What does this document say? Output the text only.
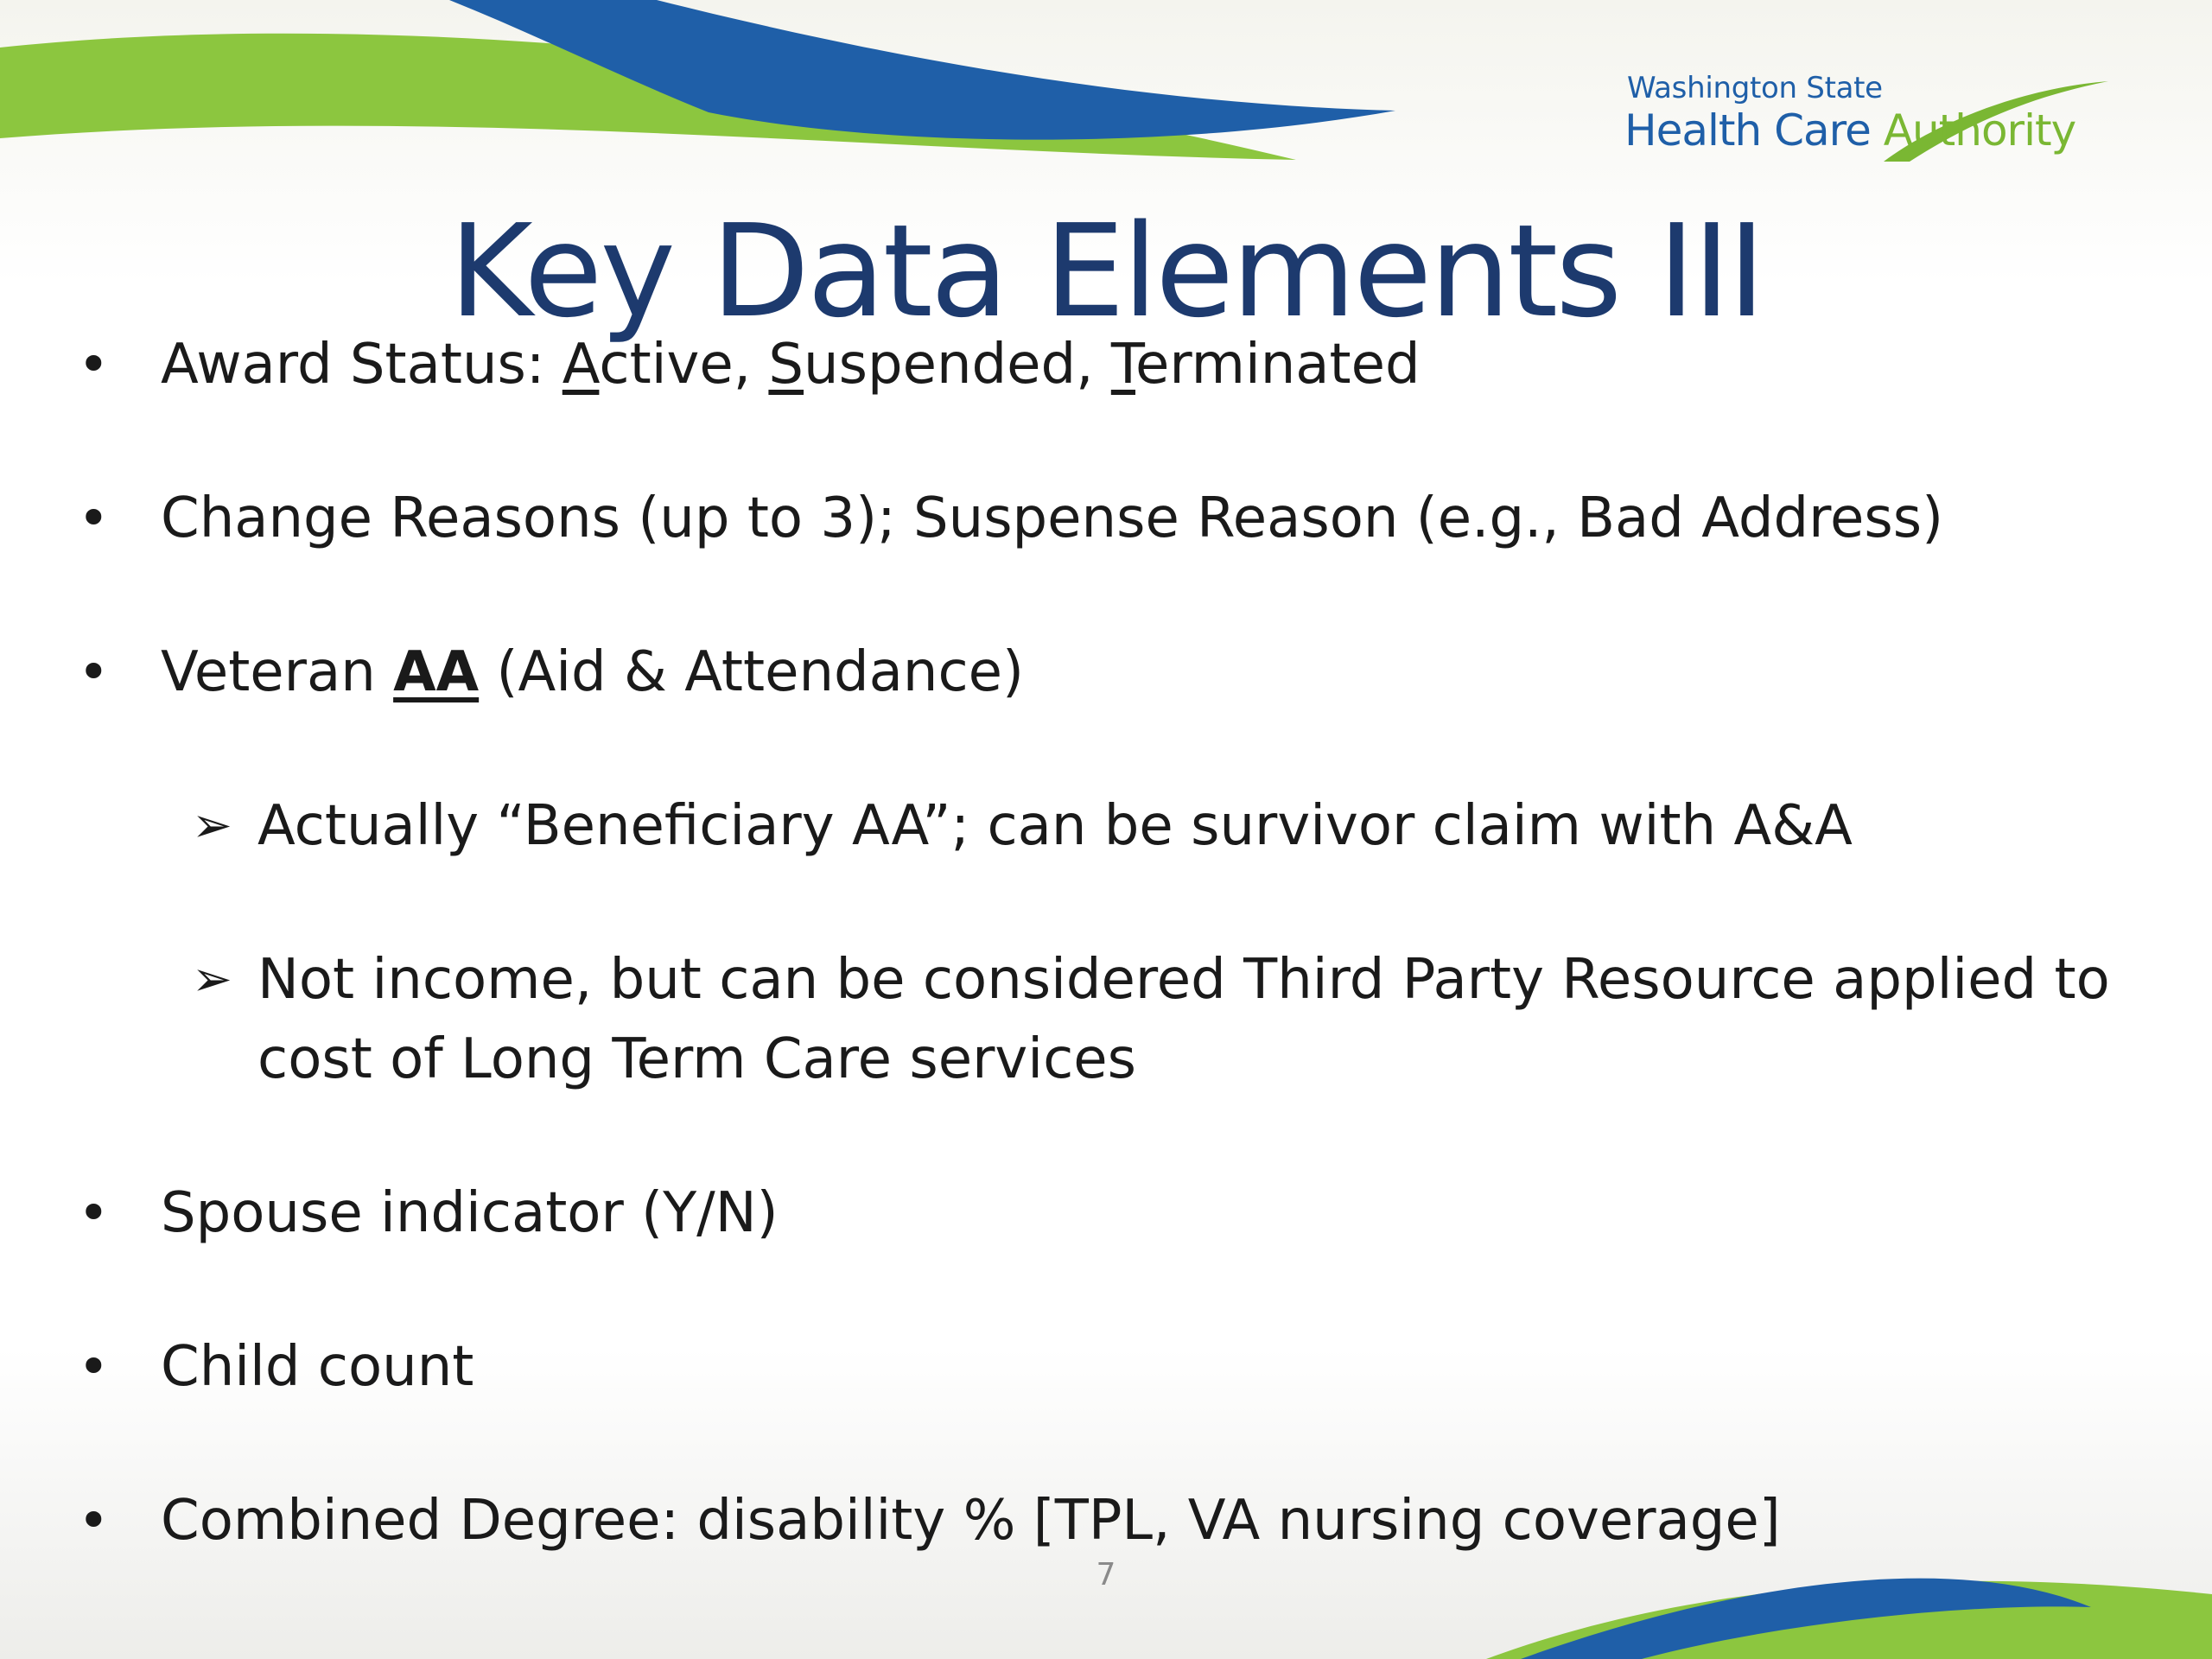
Washington State
Health Care Authority
Key Data Elements III
• Award Status: Active, Suspended, Terminated
• Change Reasons (up to 3); Suspense Reason (e.g., Bad Address)
• Veteran AA (Aid & Attendance)
➢ Actually “Beneficiary AA”; can be survivor claim with A&A
➢ Not income, but can be considered Third Party Resource applied to
cost of Long Term Care services
• Spouse indicator (Y/N)
• Child count
• Combined Degree: disability % [TPL, VA nursing coverage]
7
